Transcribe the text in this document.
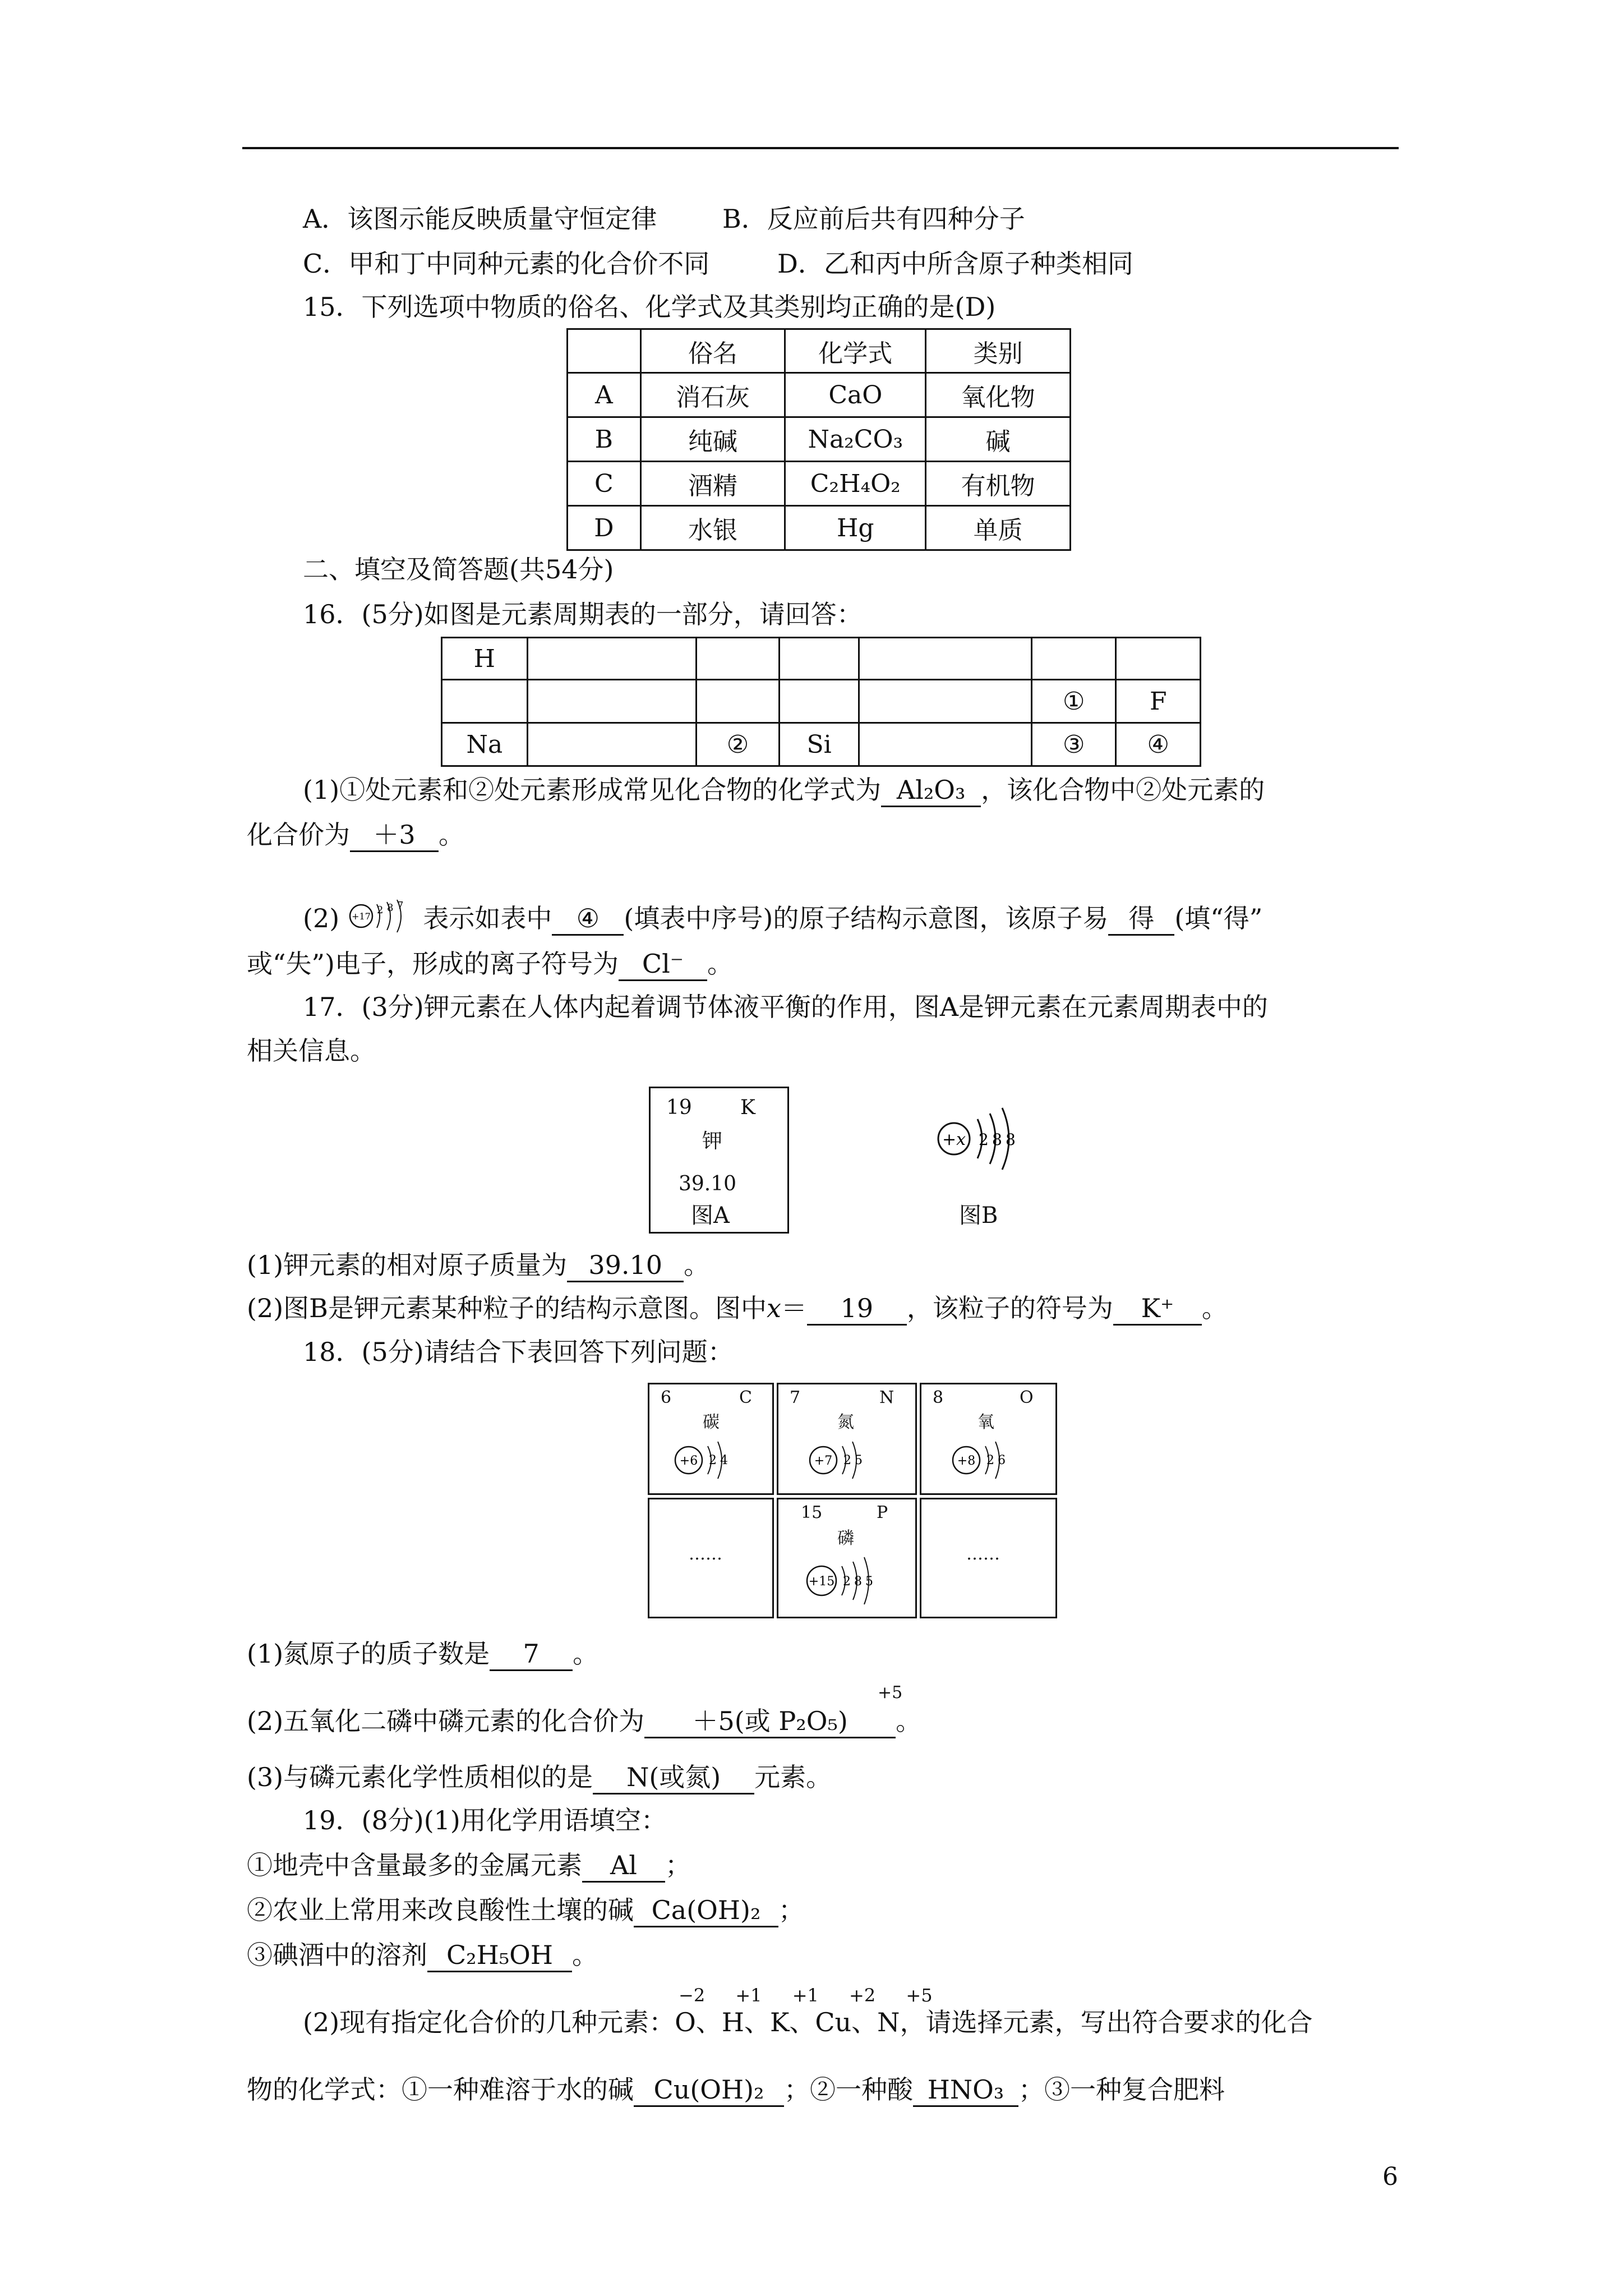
A．该图示能反映质量守恒定律	B．反应前后共有四种分子
C．甲和丁中同种元素的化合价不同	D．乙和丙中所含原子种类相同
15．下列选项中物质的俗名、化学式及其类别均正确的是(D)
	俗名	化学式	类别
A	消石灰	CaO	氧化物
B	纯碱	Na₂CO₃	碱
C	酒精	C₂H₄O₂	有机物
D	水银	Hg	单质
二、填空及简答题(共54分)
16．(5分)如图是元素周期表的一部分，请回答：
H						
					①	F
Na		②	Si		③	④
(1)①处元素和②处元素形成常见化合物的化学式为 Al₂O₃ ，该化合物中②处元素的
化合价为 ＋3 。
(2) +17
2 8 7 表示如表中 ④ (填表中序号)的原子结构示意图，该原子易 得 (填“得”
或“失”)电子，形成的离子符号为 Cl⁻ 。
17．(3分)钾元素在人体内起着调节体液平衡的作用，图A是钾元素在元素周期表中的
相关信息。
19 K
钾
39.10
+x 2 8 8
图A	图B
(1)钾元素的相对原子质量为 39.10 。
(2)图B是钾元素某种粒子的结构示意图。图中x＝ 19 ，该粒子的符号为 K⁺ 。
18．(5分)请结合下表回答下列问题：
6	C
碳
+6 2 4
7	N
氮
+7 2 5
8	O
氧
+8 2 6
……
15	P
磷
+15 2 8 5
……
(1)氮原子的质子数是 7 。
+5
(2)五氧化二磷中磷元素的化合价为 ＋5(或 P₂O₅) 。
(3)与磷元素化学性质相似的是 N(或氮) 元素。
19．(8分)(1)用化学用语填空：
①地壳中含量最多的金属元素 Al ；
②农业上常用来改良酸性土壤的碱 Ca(OH)₂ ；
③碘酒中的溶剂 C₂H₅OH 。
−2 +1 +1 +2 +5
(2)现有指定化合价的几种元素：O、H、K、Cu、N，请选择元素，写出符合要求的化合
物的化学式：①一种难溶于水的碱 Cu(OH)₂ ；②一种酸 HNO₃ ；③一种复合肥料
6
